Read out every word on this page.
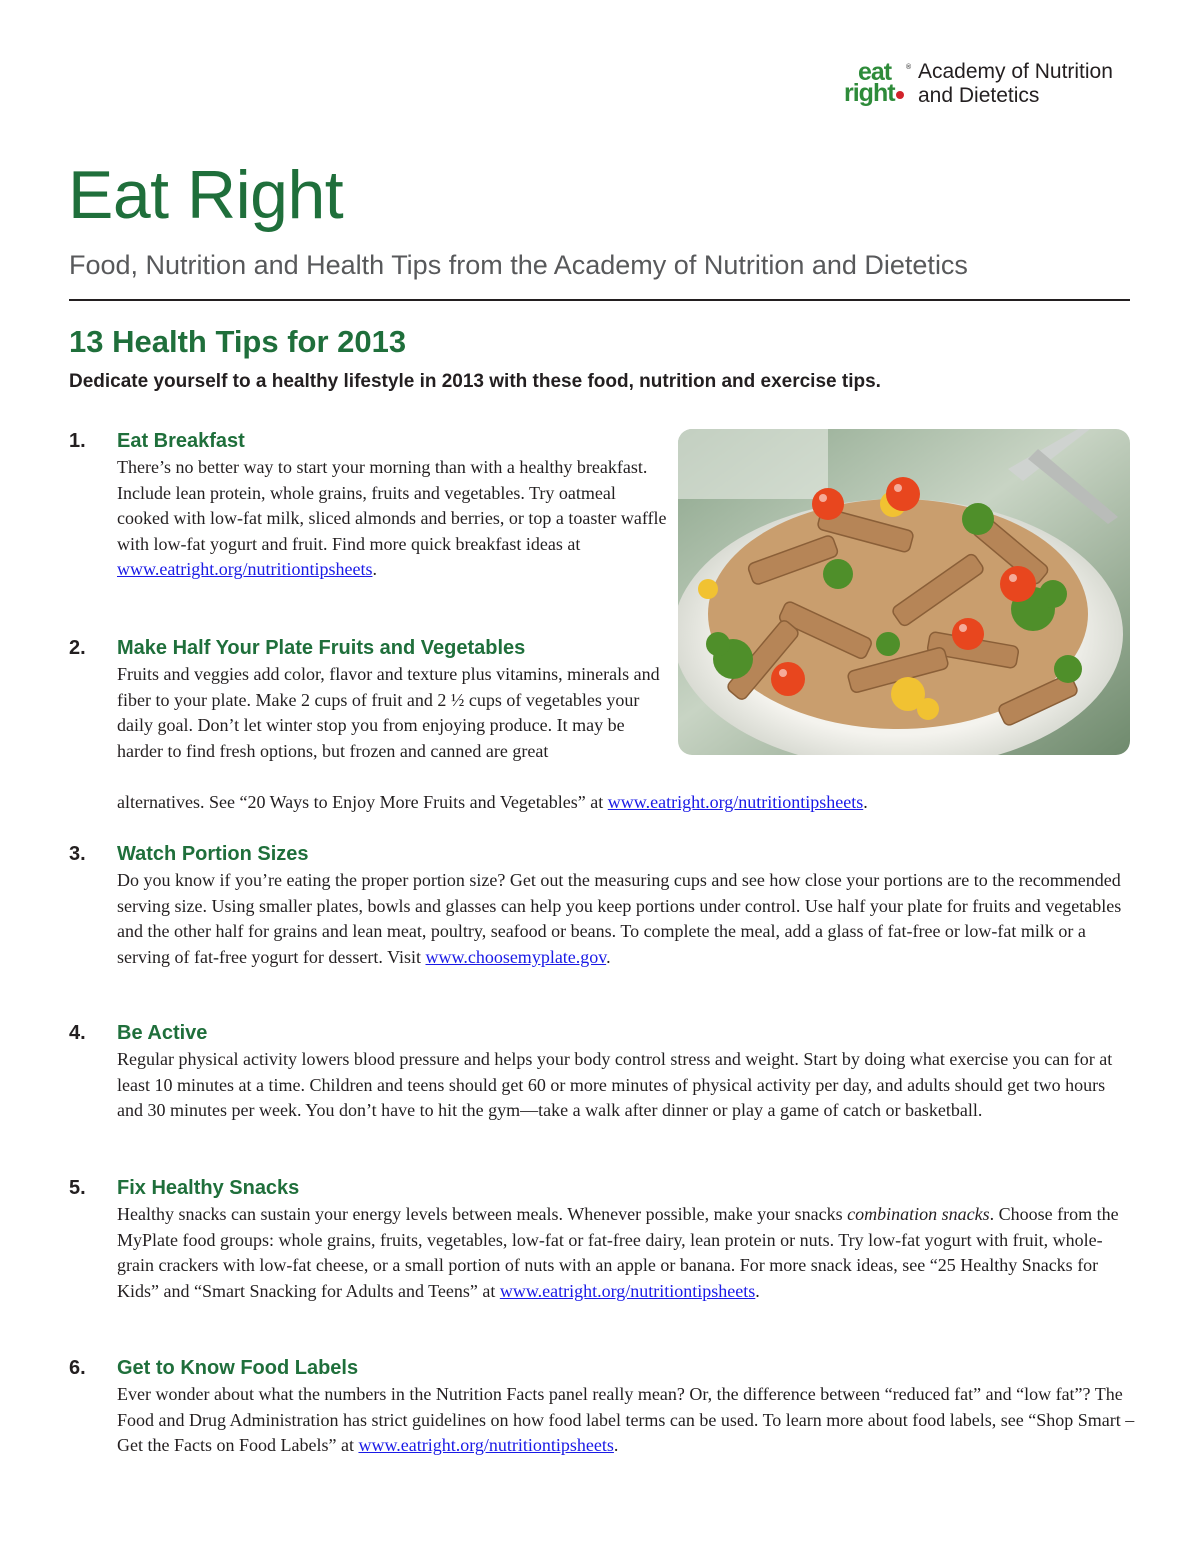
eat
right
® Academy of Nutrition
and Dietetics
Eat Right

Food, Nutrition and Health Tips from the Academy of Nutrition and Dietetics

13 Health Tips for 2013

Dedicate yourself to a healthy lifestyle in 2013 with these food, nutrition and exercise tips.

1. Eat Breakfast

There’s no better way to start your morning than with a healthy breakfast. Include lean protein, whole grains, fruits and vegetables. Try oatmeal cooked with low-fat milk, sliced almonds and berries, or top a toaster waffle with low-fat yogurt and fruit. Find more quick breakfast ideas at www.eatright.org/nutritiontipsheets.

2. Make Half Your Plate Fruits and Vegetables

Fruits and veggies add color, flavor and texture plus vitamins, minerals and fiber to your plate. Make 2 cups of fruit and 2 ½ cups of vegetables your daily goal. Don’t let winter stop you from enjoying produce. It may be harder to find fresh options, but frozen and canned are great

alternatives. See “20 Ways to Enjoy More Fruits and Vegetables” at www.eatright.org/nutritiontipsheets.

3. Watch Portion Sizes

Do you know if you’re eating the proper portion size? Get out the measuring cups and see how close your portions are to the recommended serving size. Using smaller plates, bowls and glasses can help you keep portions under control. Use half your plate for fruits and vegetables and the other half for grains and lean meat, poultry, seafood or beans. To complete the meal, add a glass of fat-free or low-fat milk or a serving of fat-free yogurt for dessert. Visit www.choosemyplate.gov.

4. Be Active

Regular physical activity lowers blood pressure and helps your body control stress and weight. Start by doing what exercise you can for at least 10 minutes at a time. Children and teens should get 60 or more minutes of physical activity per day, and adults should get two hours and 30 minutes per week. You don’t have to hit the gym—take a walk after dinner or play a game of catch or basketball.

5. Fix Healthy Snacks

Healthy snacks can sustain your energy levels between meals. Whenever possible, make your snacks combination snacks. Choose from the MyPlate food groups: whole grains, fruits, vegetables, low-fat or fat-free dairy, lean protein or nuts. Try low-fat yogurt with fruit, whole-grain crackers with low-fat cheese, or a small portion of nuts with an apple or banana. For more snack ideas, see “25 Healthy Snacks for Kids” and “Smart Snacking for Adults and Teens” at www.eatright.org/nutritiontipsheets.

6. Get to Know Food Labels

Ever wonder about what the numbers in the Nutrition Facts panel really mean? Or, the difference between “reduced fat” and “low fat”? The Food and Drug Administration has strict guidelines on how food label terms can be used. To learn more about food labels, see “Shop Smart – Get the Facts on Food Labels” at www.eatright.org/nutritiontipsheets.
